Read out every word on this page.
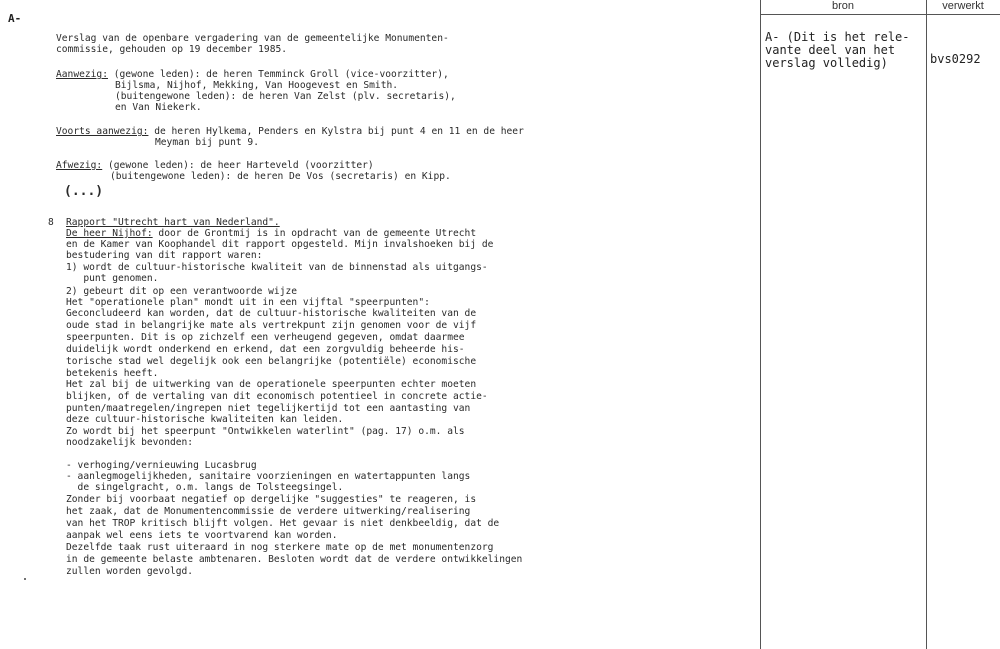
A-
Verslag van de openbare vergadering van de gemeentelijke Monumenten-
commissie, gehouden op 19 december 1985.
Aanwezig: (gewone leden): de heren Temminck Groll (vice-voorzitter),
Bijlsma, Nijhof, Mekking, Van Hoogevest en Smith.
(buitengewone leden): de heren Van Zelst (plv. secretaris),
en Van Niekerk.
Voorts aanwezig: de heren Hylkema, Penders en Kylstra bij punt 4 en 11 en de heer
Meyman bij punt 9.
Afwezig: (gewone leden): de heer Harteveld (voorzitter)
(buitengewone leden): de heren De Vos (secretaris) en Kipp.
(...)
8 Rapport "Utrecht hart van Nederland".
De heer Nijhof: door de Grontmij is in opdracht van de gemeente Utrecht
en de Kamer van Koophandel dit rapport opgesteld. Mijn invalshoeken bij de
bestudering van dit rapport waren:
1) wordt de cultuur-historische kwaliteit van de binnenstad als uitgangs-
punt genomen.
2) gebeurt dit op een verantwoorde wijze
Het "operationele plan" mondt uit in een vijftal "speerpunten":
Geconcludeerd kan worden, dat de cultuur-historische kwaliteiten van de
oude stad in belangrijke mate als vertrekpunt zijn genomen voor de vijf
speerpunten. Dit is op zichzelf een verheugend gegeven, omdat daarmee
duidelijk wordt onderkend en erkend, dat een zorgvuldig beheerde his-
torische stad wel degelijk ook een belangrijke (potentiële) economische
betekenis heeft.
Het zal bij de uitwerking van de operationele speerpunten echter moeten
blijken, of de vertaling van dit economisch potentieel in concrete actie-
punten/maatregelen/ingrepen niet tegelijkertijd tot een aantasting van
deze cultuur-historische kwaliteiten kan leiden.
Zo wordt bij het speerpunt "Ontwikkelen waterlint" (pag. 17) o.m. als
noodzakelijk bevonden:
- verhoging/vernieuwing Lucasbrug
- aanlegmogelijkheden, sanitaire voorzieningen en watertappunten langs
de singelgracht, o.m. langs de Tolsteegsingel.
Zonder bij voorbaat negatief op dergelijke "suggesties" te reageren, is
het zaak, dat de Monumentencommissie de verdere uitwerking/realisering
van het TROP kritisch blijft volgen. Het gevaar is niet denkbeeldig, dat de
aanpak wel eens iets te voortvarend kan worden.
Dezelfde taak rust uiteraard in nog sterkere mate op de met monumentenzorg
in de gemeente belaste ambtenaren. Besloten wordt dat de verdere ontwikkelingen
zullen worden gevolgd.
bron	verwerkt
A- (Dit is het rele-
vante deel van het
verslag volledig)	bvs0292
